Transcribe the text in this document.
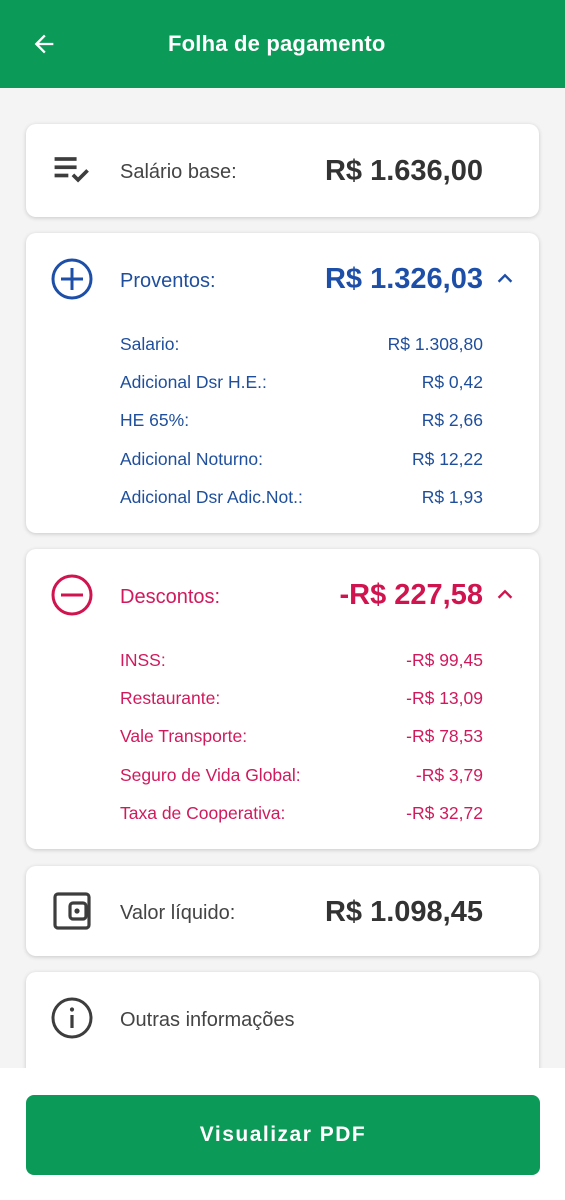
Folha de pagamento
Salário base:	R$ 1.636,00
Proventos:	R$ 1.326,03
Salario:	R$ 1.308,80
Adicional Dsr H.E.:	R$ 0,42
HE 65%:	R$ 2,66
Adicional Noturno:	R$ 12,22
Adicional Dsr Adic.Not.:	R$ 1,93
Descontos:	-R$ 227,58
INSS:	-R$ 99,45
Restaurante:	-R$ 13,09
Vale Transporte:	-R$ 78,53
Seguro de Vida Global:	-R$ 3,79
Taxa de Cooperativa:	-R$ 32,72
Valor líquido:	R$ 1.098,45
Outras informações
Visualizar PDF
